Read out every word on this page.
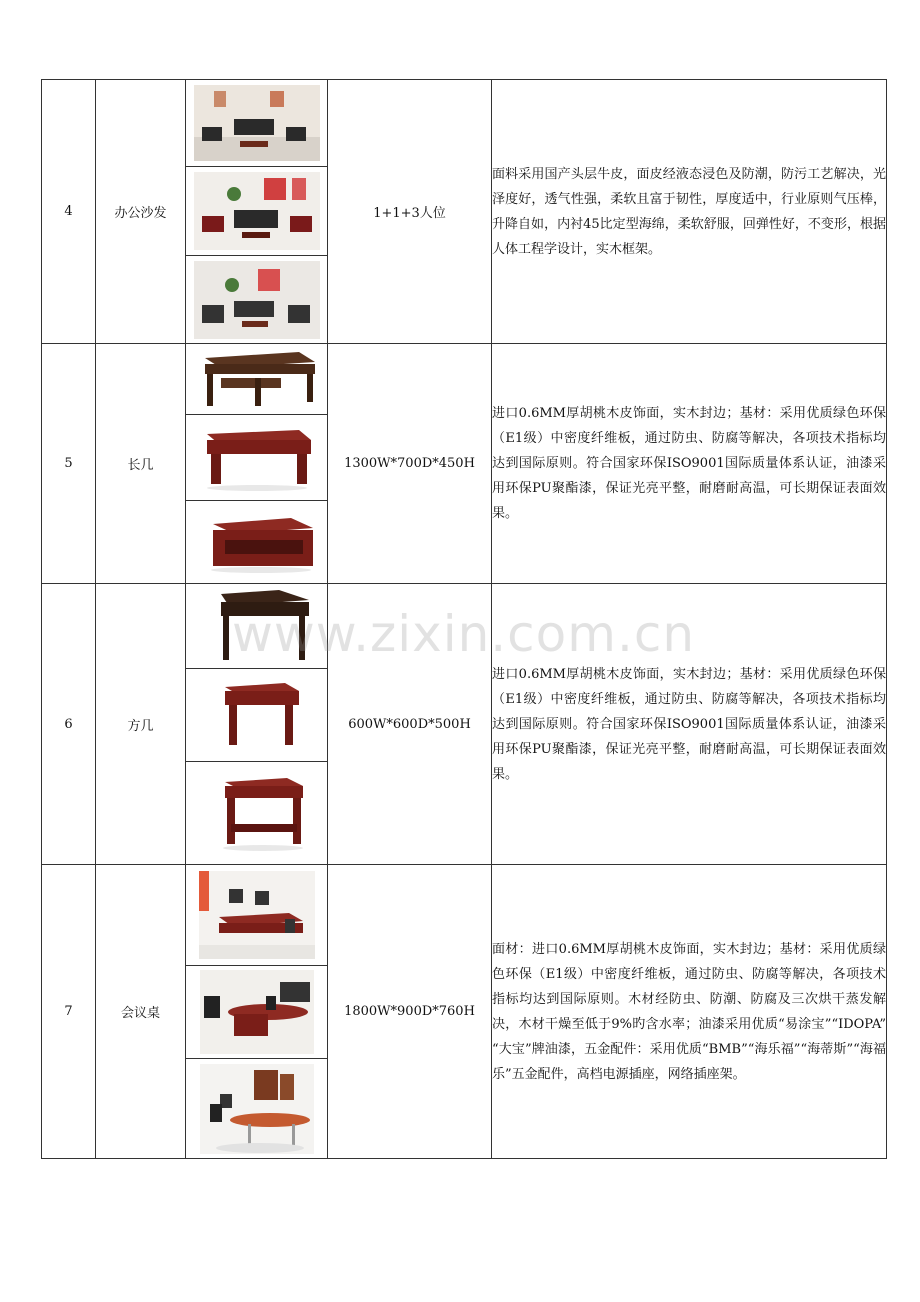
4	办公沙发		1+1+3人位	面料采用国产头层牛皮，面皮经液态浸色及防潮，防污工艺解决，光泽度好，透气性强，柔软且富于韧性，厚度适中，行业原则气压棒，升降自如，内衬45比定型海绵，柔软舒服，回弹性好，不变形，根据人体工程学设计，实木框架。
5	长几		1300W*700D*450H	进口0.6MM厚胡桃木皮饰面，实木封边；基材：采用优质绿色环保（E1级）中密度纤维板，通过防虫、防腐等解决，各项技术指标均达到国际原则。符合国家环保ISO9001国际质量体系认证，油漆采用环保PU聚酯漆，保证光亮平整，耐磨耐高温，可长期保证表面效果。
6	方几		600W*600D*500H	进口0.6MM厚胡桃木皮饰面，实木封边；基材：采用优质绿色环保（E1级）中密度纤维板，通过防虫、防腐等解决，各项技术指标均达到国际原则。符合国家环保ISO9001国际质量体系认证，油漆采用环保PU聚酯漆，保证光亮平整，耐磨耐高温，可长期保证表面效果。
7	会议桌		1800W*900D*760H	面材：进口0.6MM厚胡桃木皮饰面，实木封边；基材：采用优质绿色环保（E1级）中密度纤维板，通过防虫、防腐等解决，各项技术指标均达到国际原则。木材经防虫、防潮、防腐及三次烘干蒸发解决，木材干燥至低于9%旳含水率；油漆采用优质“易涂宝”“IDOPA” “大宝”牌油漆，五金配件：采用优质“BMB”“海乐福”“海蒂斯”“海福乐”五金配件，高档电源插座，网络插座架。
www.zixin.com.cn
